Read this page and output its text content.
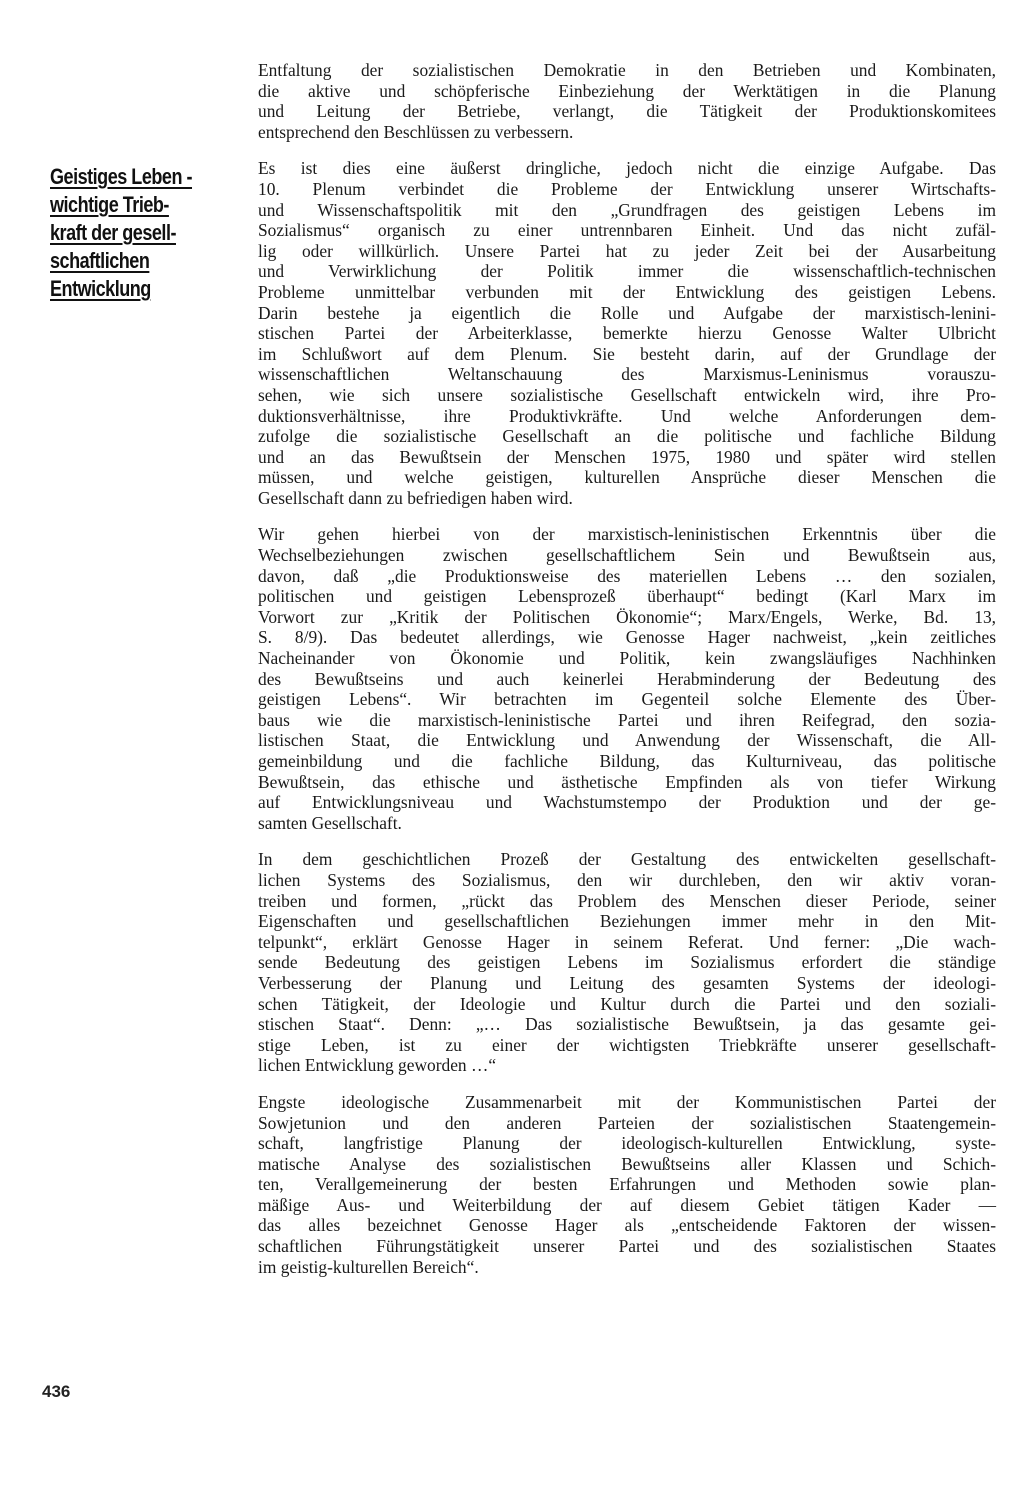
Geistiges Leben -
wichtige Trieb-
kraft der gesell-
schaftlichen
Entwicklung

Entfaltung der sozialistischen Demokratie in den Betrieben und Kombinaten,
die aktive und schöpferische Einbeziehung der Werktätigen in die Planung
und Leitung der Betriebe, verlangt, die Tätigkeit der Produktionskomitees
entsprechend den Beschlüssen zu verbessern.

Es ist dies eine äußerst dringliche, jedoch nicht die einzige Aufgabe. Das
10. Plenum verbindet die Probleme der Entwicklung unserer Wirtschafts-
und Wissenschaftspolitik mit den „Grundfragen des geistigen Lebens im
Sozialismus“ organisch zu einer untrennbaren Einheit. Und das nicht zufäl-
lig oder willkürlich. Unsere Partei hat zu jeder Zeit bei der Ausarbeitung
und Verwirklichung der Politik immer die wissenschaftlich-technischen
Probleme unmittelbar verbunden mit der Entwicklung des geistigen Lebens.
Darin bestehe ja eigentlich die Rolle und Aufgabe der marxistisch-lenini-
stischen Partei der Arbeiterklasse, bemerkte hierzu Genosse Walter Ulbricht
im Schlußwort auf dem Plenum. Sie besteht darin, auf der Grundlage der
wissenschaftlichen Weltanschauung des Marxismus-Leninismus vorauszu-
sehen, wie sich unsere sozialistische Gesellschaft entwickeln wird, ihre Pro-
duktionsverhältnisse, ihre Produktivkräfte. Und welche Anforderungen dem-
zufolge die sozialistische Gesellschaft an die politische und fachliche Bildung
und an das Bewußtsein der Menschen 1975, 1980 und später wird stellen
müssen, und welche geistigen, kulturellen Ansprüche dieser Menschen die
Gesellschaft dann zu befriedigen haben wird.

Wir gehen hierbei von der marxistisch-leninistischen Erkenntnis über die
Wechselbeziehungen zwischen gesellschaftlichem Sein und Bewußtsein aus,
davon, daß „die Produktionsweise des materiellen Lebens … den sozialen,
politischen und geistigen Lebensprozeß überhaupt“ bedingt (Karl Marx im
Vorwort zur „Kritik der Politischen Ökonomie“; Marx/Engels, Werke, Bd. 13,
S. 8/9). Das bedeutet allerdings, wie Genosse Hager nachweist, „kein zeitliches
Nacheinander von Ökonomie und Politik, kein zwangsläufiges Nachhinken
des Bewußtseins und auch keinerlei Herabminderung der Bedeutung des
geistigen Lebens“. Wir betrachten im Gegenteil solche Elemente des Über-
baus wie die marxistisch-leninistische Partei und ihren Reifegrad, den sozia-
listischen Staat, die Entwicklung und Anwendung der Wissenschaft, die All-
gemeinbildung und die fachliche Bildung, das Kulturniveau, das politische
Bewußtsein, das ethische und ästhetische Empfinden als von tiefer Wirkung
auf Entwicklungsniveau und Wachstumstempo der Produktion und der ge-
samten Gesellschaft.

In dem geschichtlichen Prozeß der Gestaltung des entwickelten gesellschaft-
lichen Systems des Sozialismus, den wir durchleben, den wir aktiv voran-
treiben und formen, „rückt das Problem des Menschen dieser Periode, seiner
Eigenschaften und gesellschaftlichen Beziehungen immer mehr in den Mit-
telpunkt“, erklärt Genosse Hager in seinem Referat. Und ferner: „Die wach-
sende Bedeutung des geistigen Lebens im Sozialismus erfordert die ständige
Verbesserung der Planung und Leitung des gesamten Systems der ideologi-
schen Tätigkeit, der Ideologie und Kultur durch die Partei und den soziali-
stischen Staat“. Denn: „… Das sozialistische Bewußtsein, ja das gesamte gei-
stige Leben, ist zu einer der wichtigsten Triebkräfte unserer gesellschaft-
lichen Entwicklung geworden …“

Engste ideologische Zusammenarbeit mit der Kommunistischen Partei der
Sowjetunion und den anderen Parteien der sozialistischen Staatengemein-
schaft, langfristige Planung der ideologisch-kulturellen Entwicklung, syste-
matische Analyse des sozialistischen Bewußtseins aller Klassen und Schich-
ten, Verallgemeinerung der besten Erfahrungen und Methoden sowie plan-
mäßige Aus- und Weiterbildung der auf diesem Gebiet tätigen Kader —
das alles bezeichnet Genosse Hager als „entscheidende Faktoren der wissen-
schaftlichen Führungstätigkeit unserer Partei und des sozialistischen Staates
im geistig-kulturellen Bereich“.

436
